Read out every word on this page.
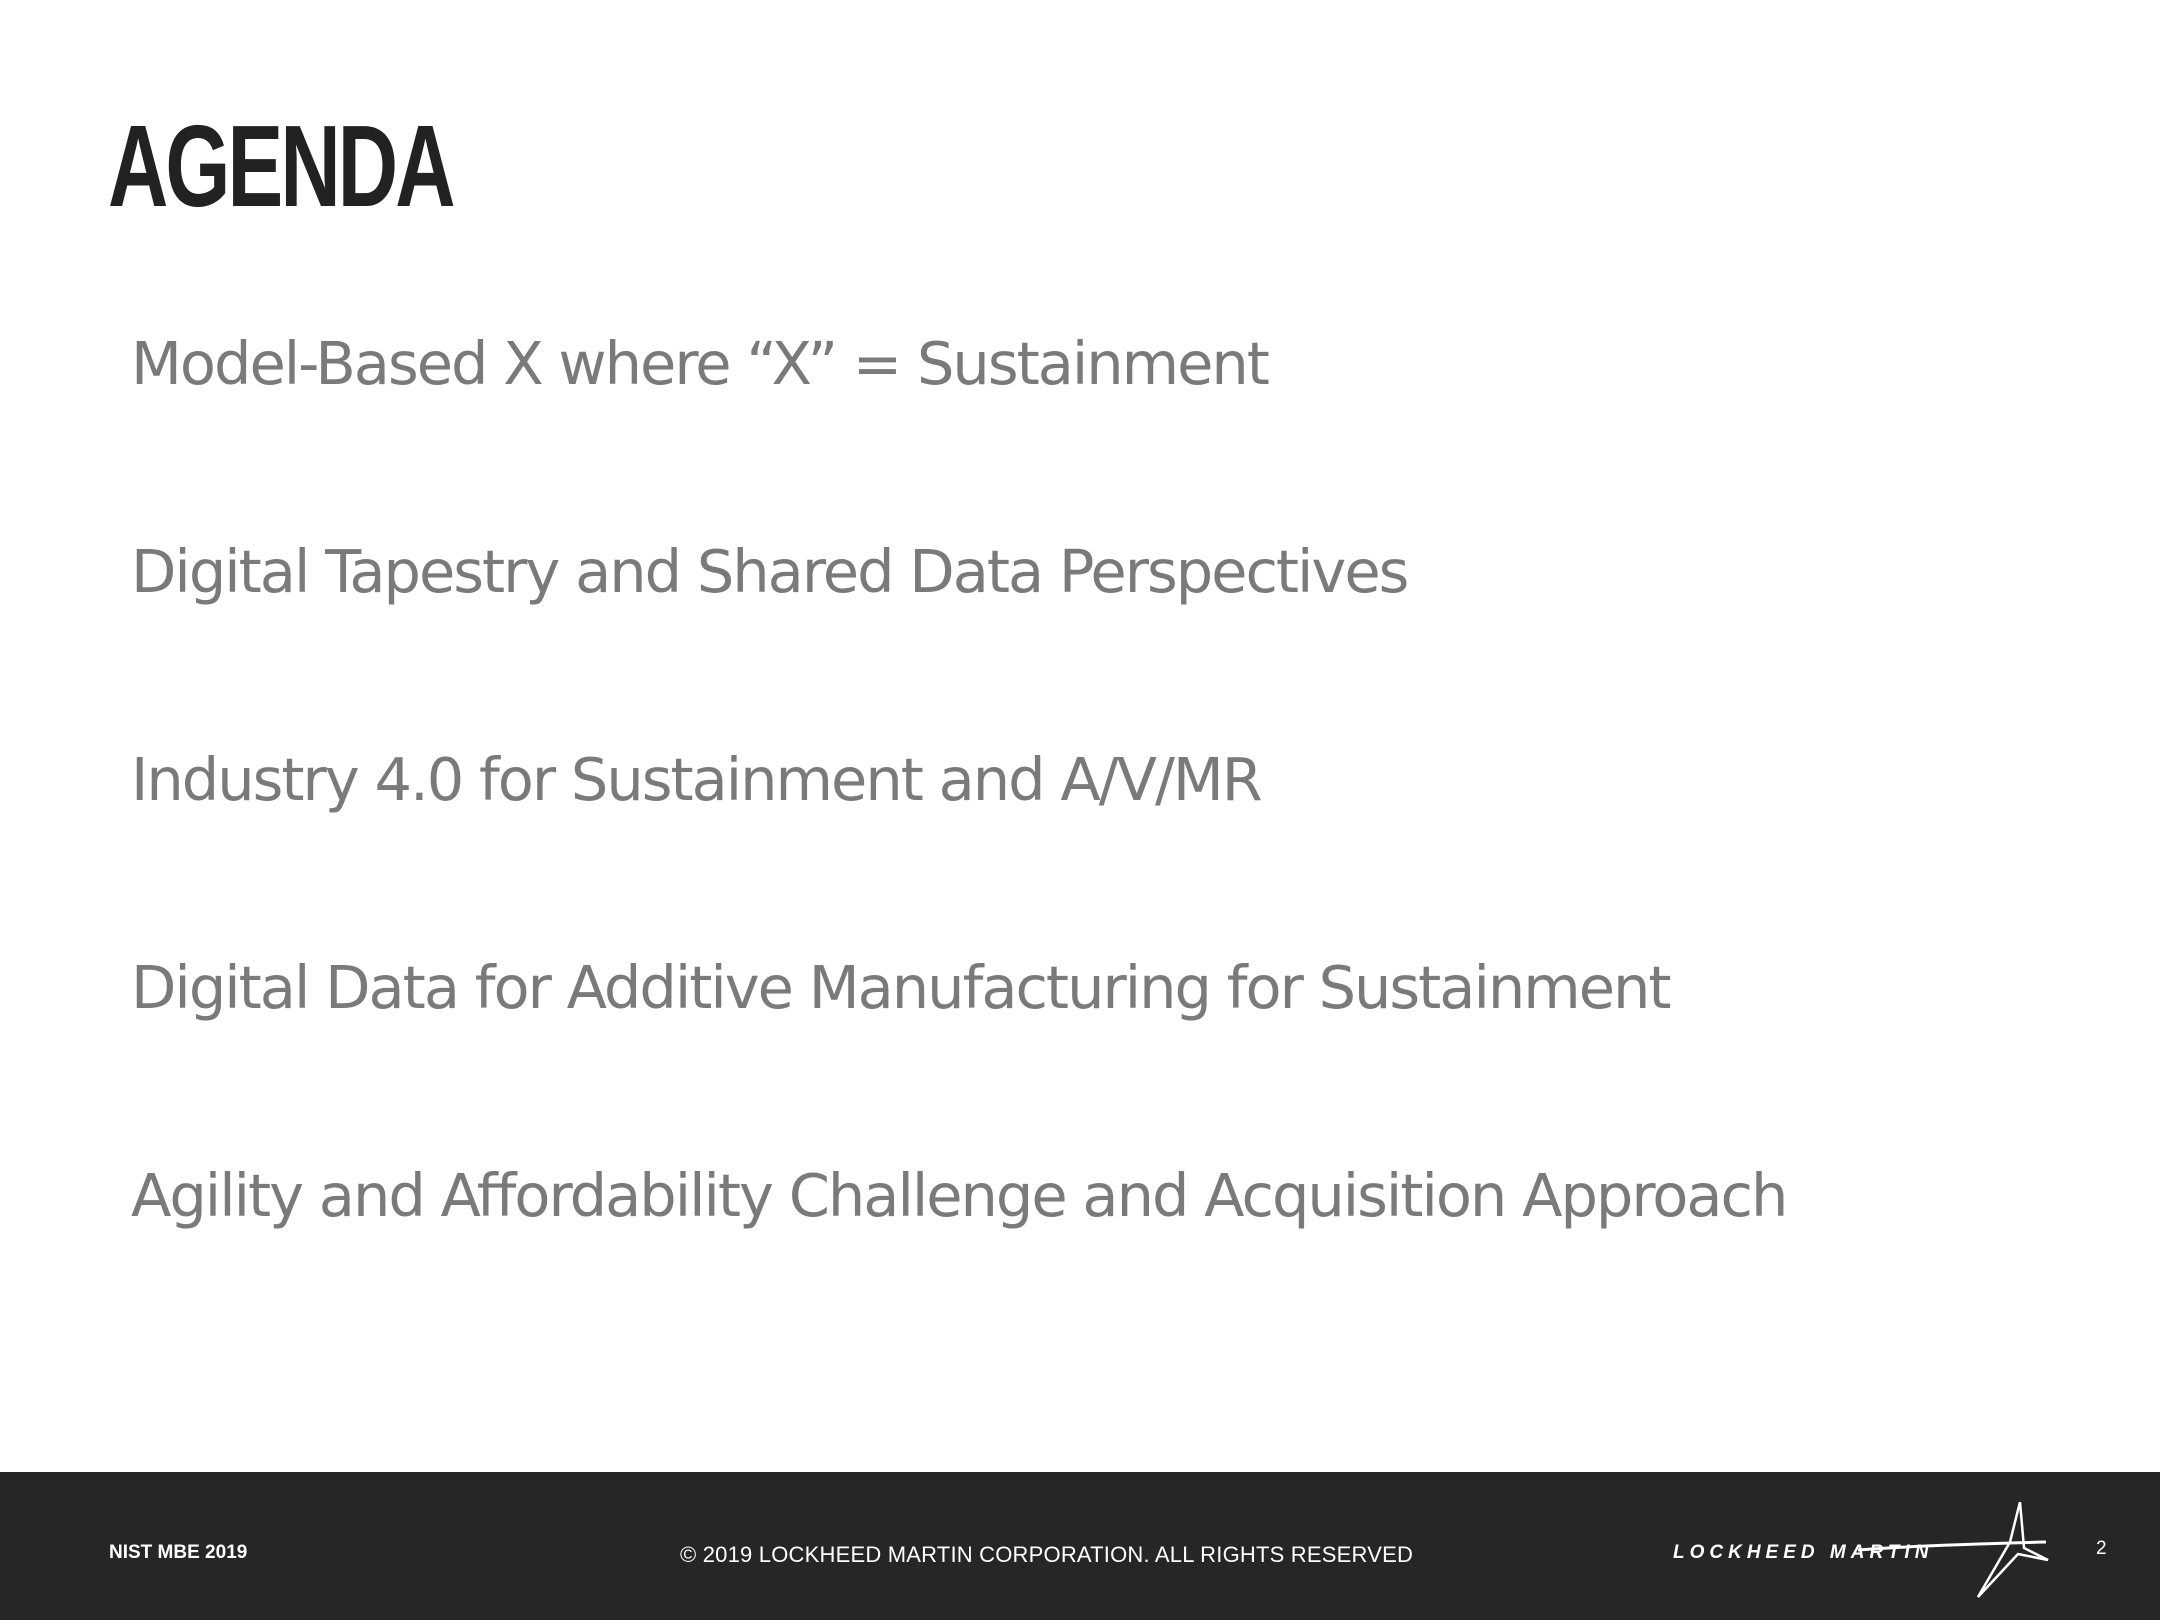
AGENDA
Model-Based X where “X” = Sustainment
Digital Tapestry and Shared Data Perspectives
Industry 4.0 for Sustainment and A/V/MR
Digital Data for Additive Manufacturing for Sustainment
Agility and Affordability Challenge and Acquisition Approach
NIST MBE 2019	© 2019 LOCKHEED MARTIN CORPORATION. ALL RIGHTS RESERVED	LOCKHEED MARTIN	2
